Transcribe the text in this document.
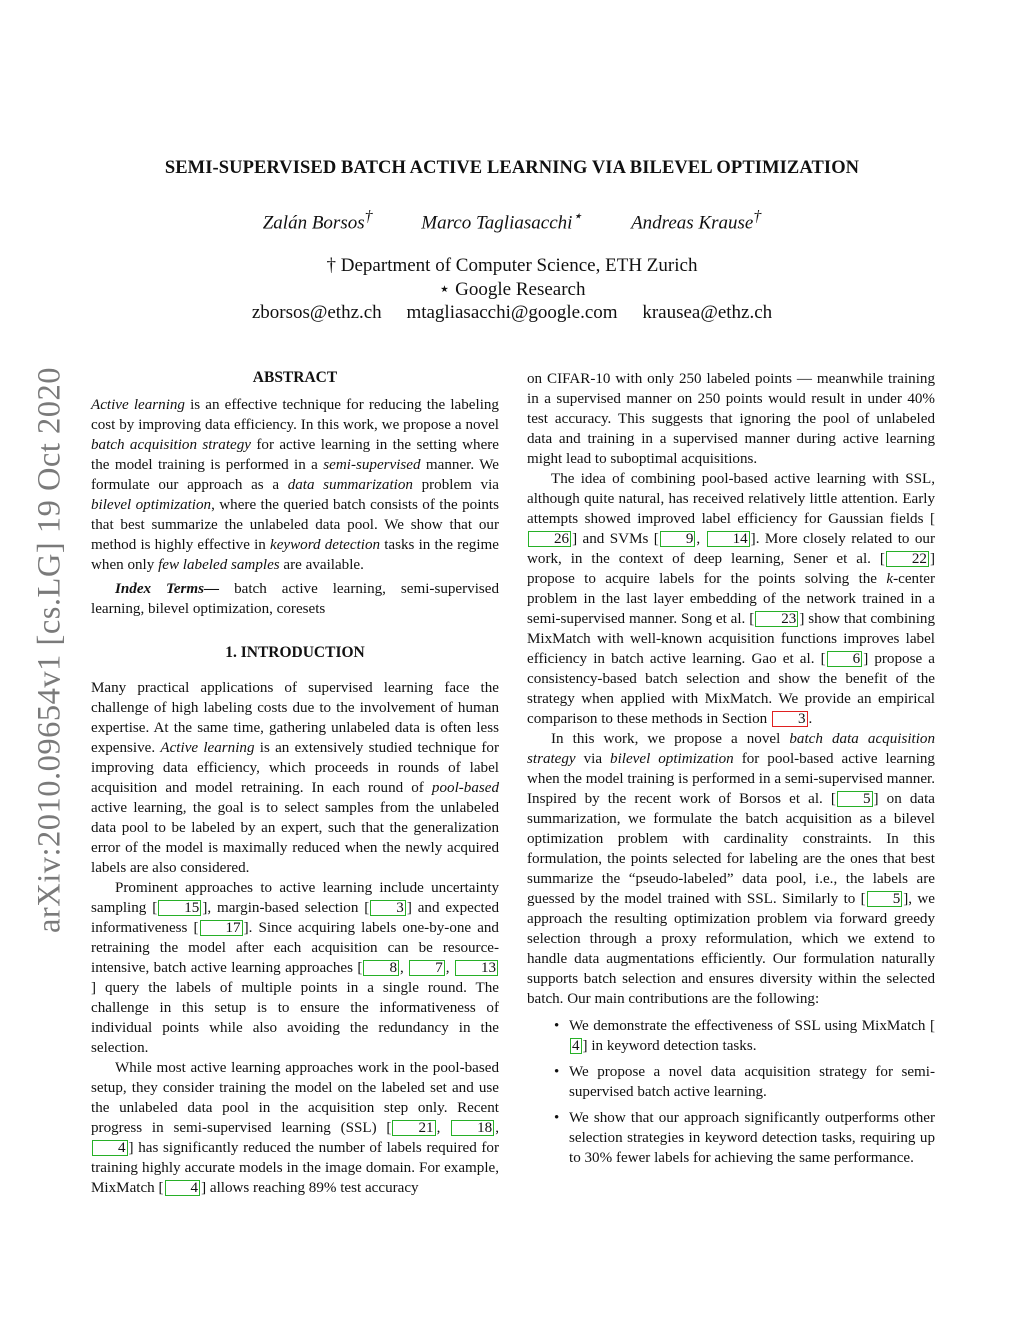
arXiv:2010.09654v1 [cs.LG] 19 Oct 2020
SEMI-SUPERVISED BATCH ACTIVE LEARNING VIA BILEVEL OPTIMIZATION
Zalán Borsos†	Marco Tagliasacchi⋆	Andreas Krause†
† Department of Computer Science, ETH Zurich
⋆ Google Research
zborsos@ethz.ch mtagliasacchi@google.com krausea@ethz.ch
ABSTRACT

Active learning is an effective technique for reducing the labeling cost by improving data efficiency. In this work, we propose a novel batch acquisition strategy for active learning in the setting where the model training is performed in a semi-supervised manner. We formulate our approach as a data summarization problem via bilevel optimization, where the queried batch consists of the points that best summarize the unlabeled data pool. We show that our method is highly effective in keyword detection tasks in the regime when only few labeled samples are available.

Index Terms— batch active learning, semi-supervised learning, bilevel optimization, coresets

1. INTRODUCTION

Many practical applications of supervised learning face the challenge of high labeling costs due to the involvement of human expertise. At the same time, gathering unlabeled data is often less expensive. Active learning is an extensively studied technique for improving data efficiency, which proceeds in rounds of label acquisition and model retraining. In each round of pool-based active learning, the goal is to select samples from the unlabeled data pool to be labeled by an expert, such that the generalization error of the model is maximally reduced when the newly acquired labels are also considered.

Prominent approaches to active learning include uncertainty sampling [ 15 ], margin-based selection [ 3 ] and expected informativeness [ 17 ]. Since acquiring labels one-by-one and retraining the model after each acquisition can be resource-intensive, batch active learning approaches [ 8 , 7 , 13] query the labels of multiple points in a single round. The challenge in this setup is to ensure the informativeness of individual points while also avoiding the redundancy in the selection.

While most active learning approaches work in the pool-based setup, they consider training the model on the labeled set and use the unlabeled data pool in the acquisition step only. Recent progress in semi-supervised learning (SSL) [ 21 , 18 , 4 ] has significantly reduced the number of labels required for training highly accurate models in the image domain. For example, MixMatch [ 4 ] allows reaching 89% test accuracy

on CIFAR-10 with only 250 labeled points — meanwhile training in a supervised manner on 250 points would result in under 40% test accuracy. This suggests that ignoring the pool of unlabeled data and training in a supervised manner during active learning might lead to suboptimal acquisitions.

The idea of combining pool-based active learning with SSL, although quite natural, has received relatively little attention. Early attempts showed improved label efficiency for Gaussian fields [26 ] and SVMs [ 9 , 14 ]. More closely related to our work, in the context of deep learning, Sener et al. [ 22 ] propose to acquire labels for the points solving the k-center problem in the last layer embedding of the network trained in a semi-supervised manner. Song et al. [ 23 ] show that combining MixMatch with well-known acquisition functions improves label efficiency in batch active learning. Gao et al. [ 6 ] propose a consistency-based batch selection and show the benefit of the strategy when applied with MixMatch. We provide an empirical comparison to these methods in Section 3 .

In this work, we propose a novel batch data acquisition strategy via bilevel optimization for pool-based active learning when the model training is performed in a semi-supervised manner. Inspired by the recent work of Borsos et al. [ 5 ] on data summarization, we formulate the batch acquisition as a bilevel optimization problem with cardinality constraints. In this formulation, the points selected for labeling are the ones that best summarize the “pseudo-labeled” data pool, i.e., the labels are guessed by the model trained with SSL. Similarly to [ 5 ], we approach the resulting optimization problem via forward greedy selection through a proxy reformulation, which we extend to handle data augmentations efficiently. Our formulation naturally supports batch selection and ensures diversity within the selected batch. Our main contributions are the following:

• We demonstrate the effectiveness of SSL using MixMatch [4 ] in keyword detection tasks.
• We propose a novel data acquisition strategy for semi-supervised batch active learning.
• We show that our approach significantly outperforms other selection strategies in keyword detection tasks, requiring up to 30% fewer labels for achieving the same performance.
